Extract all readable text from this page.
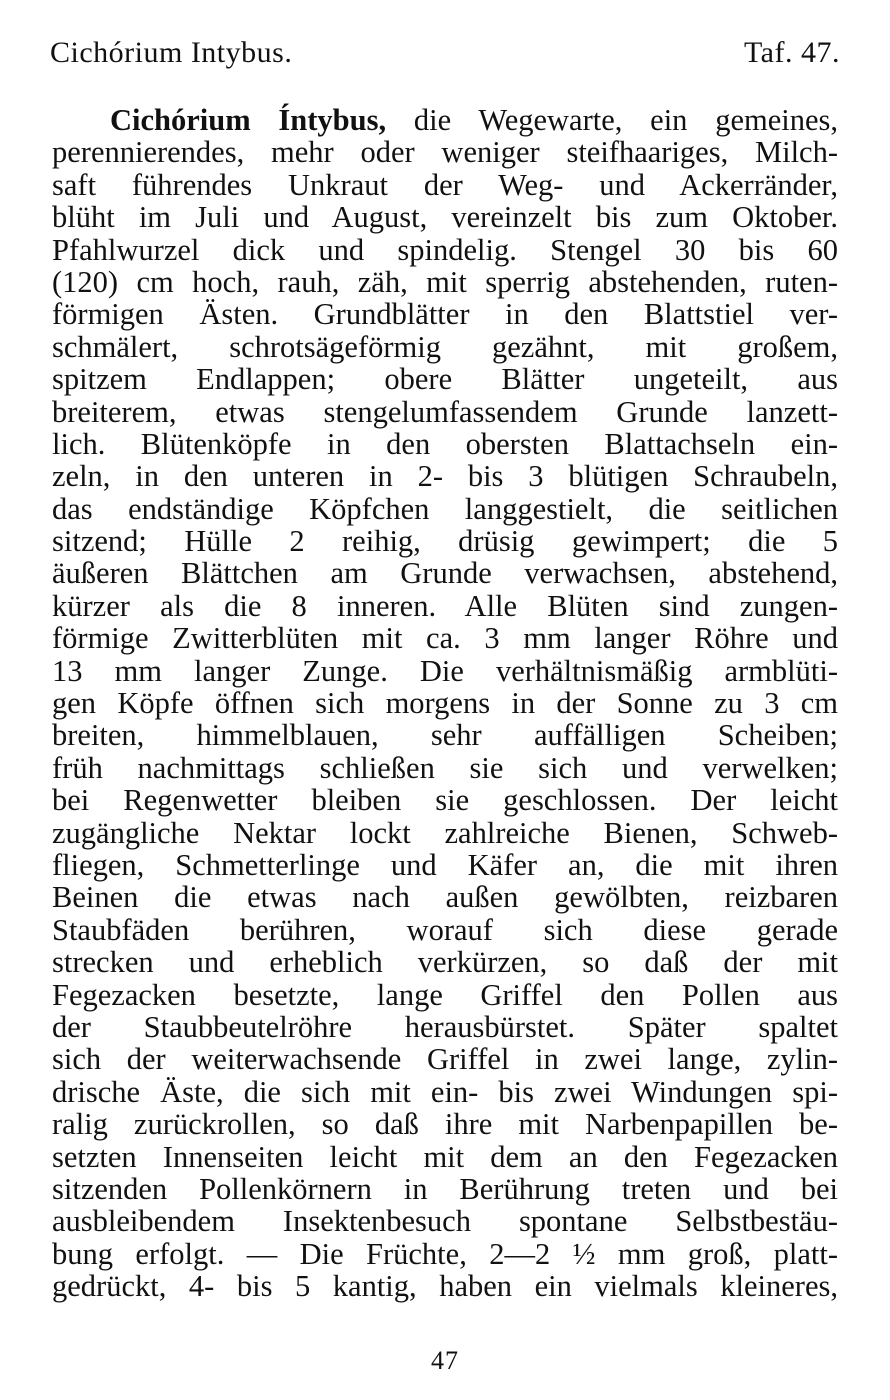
Cichórium Intybus.	Taf. 47.
Cichórium Íntybus, die Wegewarte, ein gemeines,
perennierendes, mehr oder weniger steifhaariges, Milch-
saft führendes Unkraut der Weg- und Ackerränder,
blüht im Juli und August, vereinzelt bis zum Oktober.
Pfahlwurzel dick und spindelig. Stengel 30 bis 60
(120) cm hoch, rauh, zäh, mit sperrig abstehenden, ruten-
förmigen Ästen. Grundblätter in den Blattstiel ver-
schmälert, schrotsägeförmig gezähnt, mit großem,
spitzem Endlappen; obere Blätter ungeteilt, aus
breiterem, etwas stengelumfassendem Grunde lanzett-
lich. Blütenköpfe in den obersten Blattachseln ein-
zeln, in den unteren in 2- bis 3 blütigen Schraubeln,
das endständige Köpfchen langgestielt, die seitlichen
sitzend; Hülle 2 reihig, drüsig gewimpert; die 5
äußeren Blättchen am Grunde verwachsen, abstehend,
kürzer als die 8 inneren. Alle Blüten sind zungen-
förmige Zwitterblüten mit ca. 3 mm langer Röhre und
13 mm langer Zunge. Die verhältnismäßig armblüti-
gen Köpfe öffnen sich morgens in der Sonne zu 3 cm
breiten, himmelblauen, sehr auffälligen Scheiben;
früh nachmittags schließen sie sich und verwelken;
bei Regenwetter bleiben sie geschlossen. Der leicht
zugängliche Nektar lockt zahlreiche Bienen, Schweb-
fliegen, Schmetterlinge und Käfer an, die mit ihren
Beinen die etwas nach außen gewölbten, reizbaren
Staubfäden berühren, worauf sich diese gerade
strecken und erheblich verkürzen, so daß der mit
Fegezacken besetzte, lange Griffel den Pollen aus
der Staubbeutelröhre herausbürstet. Später spaltet
sich der weiterwachsende Griffel in zwei lange, zylin-
drische Äste, die sich mit ein- bis zwei Windungen spi-
ralig zurückrollen, so daß ihre mit Narbenpapillen be-
setzten Innenseiten leicht mit dem an den Fegezacken
sitzenden Pollenkörnern in Berührung treten und bei
ausbleibendem Insektenbesuch spontane Selbstbestäu-
bung erfolgt. — Die Früchte, 2—2 ½ mm groß, platt-
gedrückt, 4- bis 5 kantig, haben ein vielmals kleineres,
47
